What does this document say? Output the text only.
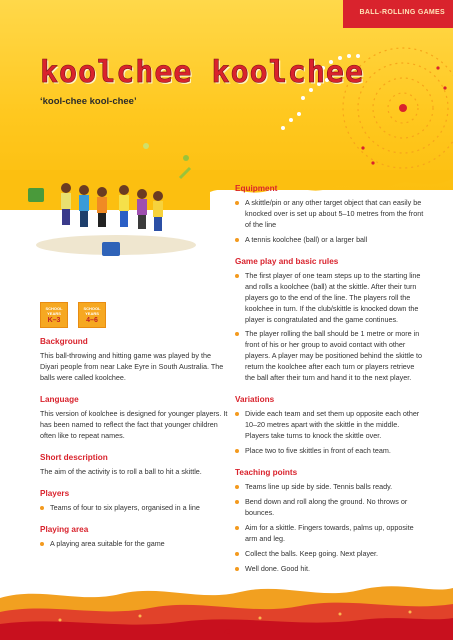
BALL-ROLLING GAMES
koolchee koolchee
‘kool-chee kool-chee’
SCHOOL
YEARS
K–3
SCHOOL
YEARS
4–6
Background

This ball-throwing and hitting game was played by the Diyari people from near Lake Eyre in South Australia. The balls were called koolchee.

Language

This version of koolchee is designed for younger players. It has been named to reflect the fact that younger children often like to repeat names.

Short description

The aim of the activity is to roll a ball to hit a skittle.

Players
Teams of four to six players, organised in a line
Playing area
A playing area suitable for the game
Equipment
A skittle/pin or any other target object that can easily be knocked over is set up about 5–10 metres from the front of the line
A tennis koolchee (ball) or a larger ball
Game play and basic rules
The first player of one team steps up to the starting line and rolls a koolchee (ball) at the skittle. After their turn players go to the end of the line. The players roll the koolchee in turn. If the club/skittle is knocked down the player is congratulated and the game continues.
The player rolling the ball should be 1 metre or more in front of his or her group to avoid contact with other players. A player may be positioned behind the skittle to return the koolchee after each turn or players retrieve the ball after their turn and hand it to the next player.
Variations
Divide each team and set them up opposite each other 10–20 metres apart with the skittle in the middle. Players take turns to knock the skittle over.
Place two to five skittles in front of each team.
Teaching points
Teams line up side by side. Tennis balls ready.
Bend down and roll along the ground. No throws or bounces.
Aim for a skittle. Fingers towards, palms up, opposite arm and leg.
Collect the balls. Keep going. Next player.
Well done. Good hit.
73
